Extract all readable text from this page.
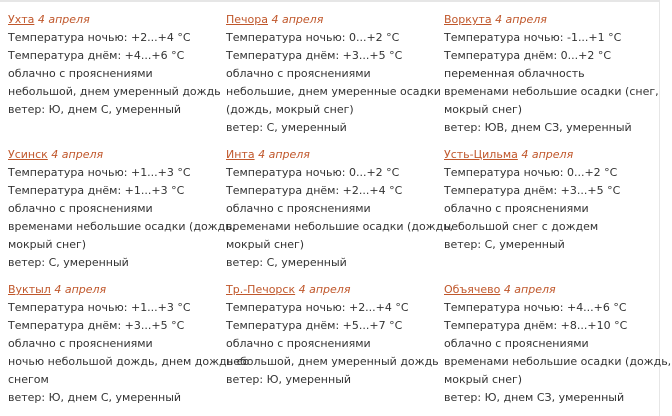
Ухта 4 апреля
Температура ночью: +2...+4 °C
Температура днём: +4...+6 °C
облачно с прояснениями
небольшой, днем умеренный дождь
ветер: Ю, днем С, умеренный
Печора 4 апреля
Температура ночью: 0...+2 °C
Температура днём: +3...+5 °C
облачно с прояснениями
небольшие, днем умеренные осадки
(дождь, мокрый снег)
ветер: С, умеренный
Воркута 4 апреля
Температура ночью: -1...+1 °C
Температура днём: 0...+2 °C
переменная облачность
временами небольшие осадки (снег,
мокрый снег)
ветер: ЮВ, днем СЗ, умеренный
Усинск 4 апреля
Температура ночью: +1...+3 °C
Температура днём: +1...+3 °C
облачно с прояснениями
временами небольшие осадки (дождь,
мокрый снег)
ветер: С, умеренный
Инта 4 апреля
Температура ночью: 0...+2 °C
Температура днём: +2...+4 °C
облачно с прояснениями
временами небольшие осадки (дождь,
мокрый снег)
ветер: С, умеренный
Усть-Цильма 4 апреля
Температура ночью: 0...+2 °C
Температура днём: +3...+5 °C
облачно с прояснениями
небольшой снег с дождем
ветер: С, умеренный
Вуктыл 4 апреля
Температура ночью: +1...+3 °C
Температура днём: +3...+5 °C
облачно с прояснениями
ночью небольшой дождь, днем дождь со
снегом
ветер: Ю, днем С, умеренный
Тр.-Печорск 4 апреля
Температура ночью: +2...+4 °C
Температура днём: +5...+7 °C
облачно с прояснениями
небольшой, днем умеренный дождь
ветер: Ю, умеренный
Объячево 4 апреля
Температура ночью: +4...+6 °C
Температура днём: +8...+10 °C
облачно с прояснениями
временами небольшие осадки (дождь,
мокрый снег)
ветер: Ю, днем СЗ, умеренный
